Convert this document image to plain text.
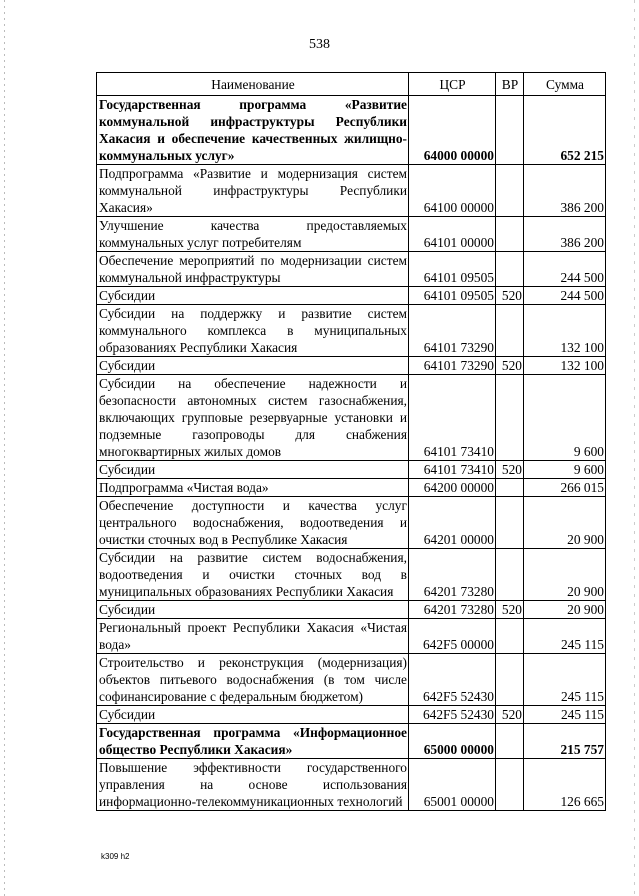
538
Наименование	ЦСР	ВР	Сумма
Государственная программа «Развитие коммунальной инфраструктуры Республики Хакасия и обеспечение качественных жилищно-коммунальных услуг»	64000 00000		652 215
Подпрограмма «Развитие и модернизация систем коммунальной инфраструктуры Республики Хакасия»	64100 00000		386 200
Улучшение качества предоставляемых коммунальных услуг потребителям	64101 00000		386 200
Обеспечение мероприятий по модернизации систем коммунальной инфраструктуры	64101 09505		244 500
Субсидии	64101 09505	520	244 500
Субсидии на поддержку и развитие систем коммунального комплекса в муниципальных образованиях Республики Хакасия	64101 73290		132 100
Субсидии	64101 73290	520	132 100
Субсидии на обеспечение надежности и безопасности автономных систем газоснабжения, включающих групповые резервуарные установки и подземные газопроводы для снабжения многоквартирных жилых домов	64101 73410		9 600
Субсидии	64101 73410	520	9 600
Подпрограмма «Чистая вода»	64200 00000		266 015
Обеспечение доступности и качества услуг центрального водоснабжения, водоотведения и очистки сточных вод в Республике Хакасия	64201 00000		20 900
Субсидии на развитие систем водоснабжения, водоотведения и очистки сточных вод в муниципальных образованиях Республики Хакасия	64201 73280		20 900
Субсидии	64201 73280	520	20 900
Региональный проект Республики Хакасия «Чистая вода»	642F5 00000		245 115
Строительство и реконструкция (модернизация) объектов питьевого водоснабжения (в том числе софинансирование с федеральным бюджетом)	642F5 52430		245 115
Субсидии	642F5 52430	520	245 115
Государственная программа «Информационное общество Республики Хакасия»	65000 00000		215 757
Повышение эффективности государственного управления на основе использования информационно-телекоммуникационных технологий	65001 00000		126 665
k309 h2
